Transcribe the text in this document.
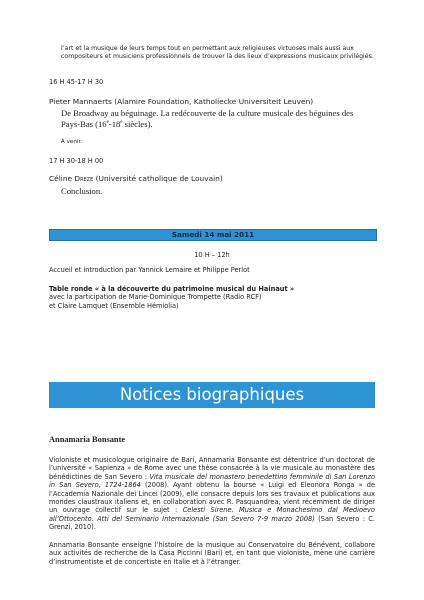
l’art et la musique de leurs temps tout en permettant aux religieuses virtuoses mais aussi aux compositeurs et musiciens professionnels de trouver là des lieux d’expressions musicaux privilégiés.
16 H 45-17 H 30
Pieter Mannaerts (Alamire Foundation, Katholiecke Universiteit Leuven)
De Broadway au béguinage. La redécouverte de la culture musicale des béguines des Pays-Bas (16e-18e siècles).
À venir.
17 H 30-18 H 00
Céline Dreze (Université catholique de Louvain)
Conclusion.
Samedi 14 mai 2011
10 H – 12h
Accueil et introduction par Yannick Lemaire et Philippe Perlot
Table ronde « à la découverte du patrimoine musical du Hainaut »
avec la participation de Marie-Dominique Trompette (Radio RCF)
et Claire Lamquet (Ensemble Hémiolia)
Notices biographiques
Annamaria Bonsante
Violoniste et musicologue originaire de Bari, Annamaria Bonsante est détentrice d’un doctorat de l’université « Sapienza » de Rome avec une thèse consacrée à la vie musicale au monastère des bénédictines de San Severo : Vita musicale del monastero benedettino femminile di San Lorenzo in San Severo, 1724-1864 (2008). Ayant obtenu la bourse « Luigi ed Eleonora Ronga » de l’Accademia Nazionale dei Lincei (2009), elle consacre depuis lors ses travaux et publications aux mondes claustraux italiens et, en collaboration avec R. Pasquandrea, vient récemment de diriger un ouvrage collectif sur le sujet : Celesti Sirene. Musica e Monachesimo dal Medioevo all’Ottocento. Atti del Seminario Internazionale (San Severo 7-9 marzo 2008) (San Severo : C. Grenzi, 2010).
Annamaria Bonsante enseigne l’histoire de la musique au Conservatoire du Bénévent, collabore aux activités de recherche de la Casa Piccinni (Bari) et, en tant que violoniste, mène une carrière d’instrumentiste et de concertiste en Italie et à l’étranger.
